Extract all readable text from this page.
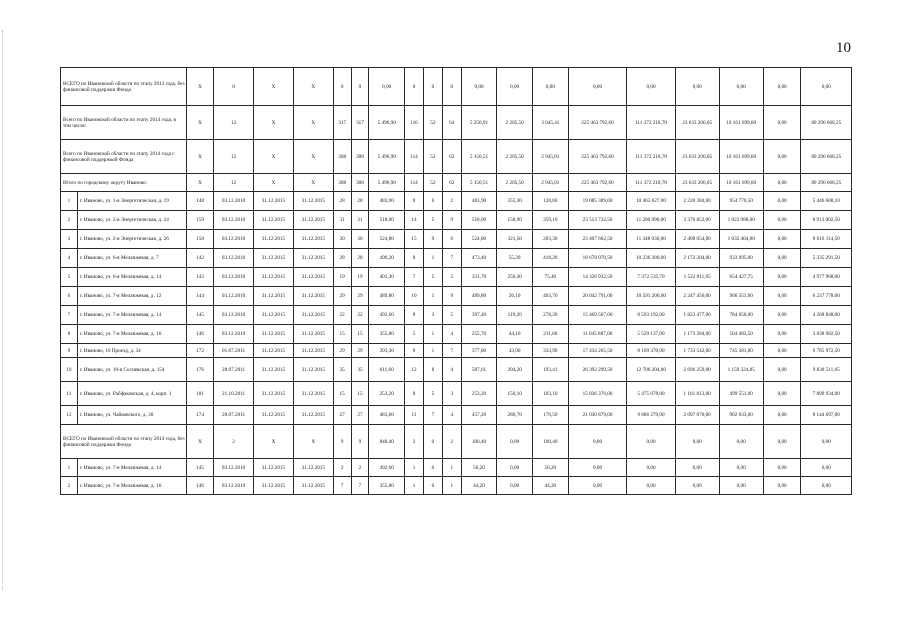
10
ВСЕГО по Ивановской области по этапу 2013 года, без финансовой поддержки Фонда		X	0	X	X	0	0	0,00	0	0	0	0,00	0,00	0,00	0,00	0,00	0,00	0,00	0,00	0,00
Всего по Ивановской области по этапу 2014 года, в том числе:		X	12	X	X	317	317	5 496,90	116	52	64	5 250,91	2 205,50	3 045,41	225 463 792,60	111 372 218,70	23 633 206,05	10 161 699,60	0,00	80 296 668,25
Всего по Ивановской области по этапу 2014 года с финансовой поддержкой Фонда		X	12	X	X	308	308	5 496,90	114	52	62	5 150,51	2 205,50	2 945,01	225 463 792,60	111 372 218,70	23 633 206,05	10 161 699,60	0,00	80 296 668,25
Итого по городскому округу Иваново:		X	12	X	X	308	308	5 496,90	114	52	62	5 150,51	2 205,50	2 945,01	225 463 792,60	111 372 218,70	23 633 206,05	10 161 699,60	0,00	80 296 668,25
1	г. Иваново, ул. 1-я Энергетическая, д. 19	148	03.12.2010	31.12.2015	31.12.2015	28	28	483,90	8	6	2	483,90	355,30	128,60	19 085 389,60	10 463 627,00	2 220 384,00	954 770,50	0,00	5 446 608,10
2	г. Иваново, ул. 2-я Энергетическая, д. 24	159	03.12.2010	31.12.2015	31.12.2015	31	31	518,00	14	5	9	518,00	158,90	359,10	23 513 732,50	11 200 990,00	2 376 852,00	1 022 988,00	0,00	8 913 902,50
3	г. Иваново, ул. 2-я Энергетическая, д. 26	158	03.12.2010	31.12.2015	31.12.2015	30	30	524,80	15	9	6	524,80	321,50	203,30	23 407 602,50	11 348 030,00	2 408 054,00	1 035 404,00	0,00	8 616 114,50
4	г. Иваново, ул. 6-я Меланжевая, д. 7	142	03.12.2010	31.12.2015	31.12.2015	28	28	490,20	8	1	7	473,40	55,20	418,20	18 678 070,50	10 236 380,00	2 172 204,00	933 995,00	0,00	5 335 291,50
5	г. Иваново, ул. 6-я Меланжевая, д. 14	143	03.12.2010	31.12.2015	31.12.2015	19	19	401,30	7	5	2	331,70	256,30	75,40	14 326 932,50	7 372 535,70	1 522 011,05	654 427,75	0,00	4 977 968,00
6	г. Иваново, ул. 7-я Меланжевая, д. 12	144	03.12.2010	31.12.2015	31.12.2015	29	29	489,80	10	1	9	489,80	26,10	463,70	20 042 791,00	10 591 206,00	2 247 456,00	966 351,00	0,00	6 237 778,00
7	г. Иваново, ул. 7-я Меланжевая, д. 14	145	03.12.2010	31.12.2015	31.12.2015	22	22	492,60	8	3	5	397,40	119,20	278,20	15 469 567,00	8 593 192,00	1 823 477,00	784 050,00	0,00	4 268 848,00
8	г. Иваново, ул. 7-я Меланжевая, д. 16	146	03.12.2010	31.12.2015	31.12.2015	15	15	355,80	5	1	4	255,70	44,10	211,60	11 045 887,00	5 529 137,00	1 173 284,00	504 483,50	0,00	3 838 982,50
9	г. Иваново, 10 Проезд, д. 34	172	01.07.2011	31.12.2015	31.12.2015	29	29	393,30	8	1	7	377,80	43,90	333,90	17 434 265,50	8 169 370,00	1 733 542,00	745 381,00	0,00	6 785 972,50
10	г. Иваново, ул. 10-я Сосневская, д. 154	176	28.07.2011	31.12.2015	31.12.2015	35	35	611,60	12	8	4	587,61	394,20	193,41	26 392 299,50	12 706 204,00	2 696 259,00	1 159 324,85	0,00	9 830 511,65
11	г. Иваново, ул. Рабфаковская, д. 4, корп. 1	181	21.10.2011	31.12.2015	31.12.2015	15	15	253,20	8	5	3	253,20	150,10	103,10	15 036 376,00	5 475 078,00	1 161 813,00	499 551,00	0,00	7 899 934,00
12	г. Иваново, ул. Чайковского, д. 30	174	28.07.2011	31.12.2015	31.12.2015	27	27	483,60	11	7	4	457,20	280,70	176,50	21 030 879,00	9 886 279,00	2 097 870,00	902 033,00	0,00	8 144 697,00
ВСЕГО по Ивановской области по этапу 2014 года, без финансовой поддержки Фонда		X	2	X	X	9	9	848,40	2	0	2	100,40	0,00	100,40	0,00	0,00	0,00	0,00	0,00	0,00
1	г. Иваново, ул. 7-я Меланжевая, д. 14	145	03.12.2010	31.12.2015	31.12.2015	2	2	492,60	1	0	1	56,20	0,00	56,20	0,00	0,00	0,00	0,00	0,00	0,00
2	г. Иваново, ул. 7-я Меланжевая, д. 16	146	03.12.2010	31.12.2015	31.12.2015	7	7	355,80	1	0	1	44,20	0,00	44,20	0,00	0,00	0,00	0,00	0,00	0,00
